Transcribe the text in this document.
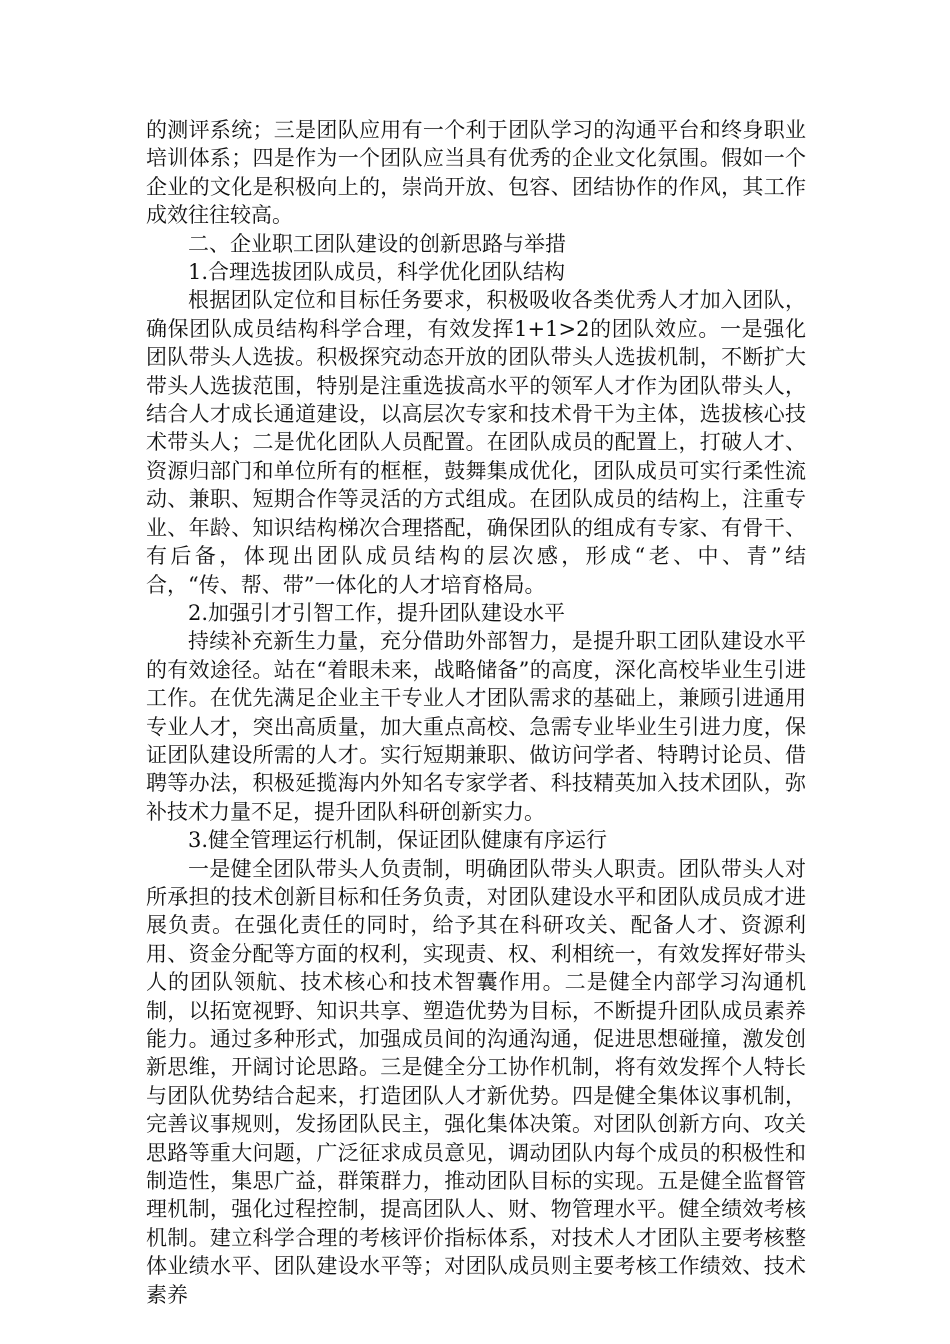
的测评系统；三是团队应用有一个利于团队学习的沟通平台和终身职业培训体系；四是作为一个团队应当具有优秀的企业文化氛围。假如一个企业的文化是积极向上的，崇尚开放、包容、团结协作的作风，其工作成效往往较高。

二、企业职工团队建设的创新思路与举措

1.合理选拔团队成员，科学优化团队结构

根据团队定位和目标任务要求，积极吸收各类优秀人才加入团队，确保团队成员结构科学合理，有效发挥1+1>2的团队效应。一是强化团队带头人选拔。积极探究动态开放的团队带头人选拔机制，不断扩大带头人选拔范围，特别是注重选拔高水平的领军人才作为团队带头人，结合人才成长通道建设，以高层次专家和技术骨干为主体，选拔核心技术带头人；二是优化团队人员配置。在团队成员的配置上，打破人才、资源归部门和单位所有的框框，鼓舞集成优化，团队成员可实行柔性流动、兼职、短期合作等灵活的方式组成。在团队成员的结构上，注重专业、年龄、知识结构梯次合理搭配，确保团队的组成有专家、有骨干、有后备，体现出团队成员结构的层次感，形成“老、中、青”结合，“传、帮、带”一体化的人才培育格局。

2.加强引才引智工作，提升团队建设水平

持续补充新生力量，充分借助外部智力，是提升职工团队建设水平的有效途径。站在“着眼未来，战略储备”的高度，深化高校毕业生引进工作。在优先满足企业主干专业人才团队需求的基础上，兼顾引进通用专业人才，突出高质量，加大重点高校、急需专业毕业生引进力度，保证团队建设所需的人才。实行短期兼职、做访问学者、特聘讨论员、借聘等办法，积极延揽海内外知名专家学者、科技精英加入技术团队，弥补技术力量不足，提升团队科研创新实力。

3.健全管理运行机制，保证团队健康有序运行

一是健全团队带头人负责制，明确团队带头人职责。团队带头人对所承担的技术创新目标和任务负责，对团队建设水平和团队成员成才进展负责。在强化责任的同时，给予其在科研攻关、配备人才、资源利用、资金分配等方面的权利，实现责、权、利相统一，有效发挥好带头人的团队领航、技术核心和技术智囊作用。二是健全内部学习沟通机制，以拓宽视野、知识共享、塑造优势为目标，不断提升团队成员素养能力。通过多种形式，加强成员间的沟通沟通，促进思想碰撞，激发创新思维，开阔讨论思路。三是健全分工协作机制，将有效发挥个人特长与团队优势结合起来，打造团队人才新优势。四是健全集体议事机制，完善议事规则，发扬团队民主，强化集体决策。对团队创新方向、攻关思路等重大问题，广泛征求成员意见，调动团队内每个成员的积极性和制造性，集思广益，群策群力，推动团队目标的实现。五是健全监督管理机制，强化过程控制，提高团队人、财、物管理水平。健全绩效考核机制。建立科学合理的考核评价指标体系，对技术人才团队主要考核整体业绩水平、团队建设水平等；对团队成员则主要考核工作绩效、技术素养
